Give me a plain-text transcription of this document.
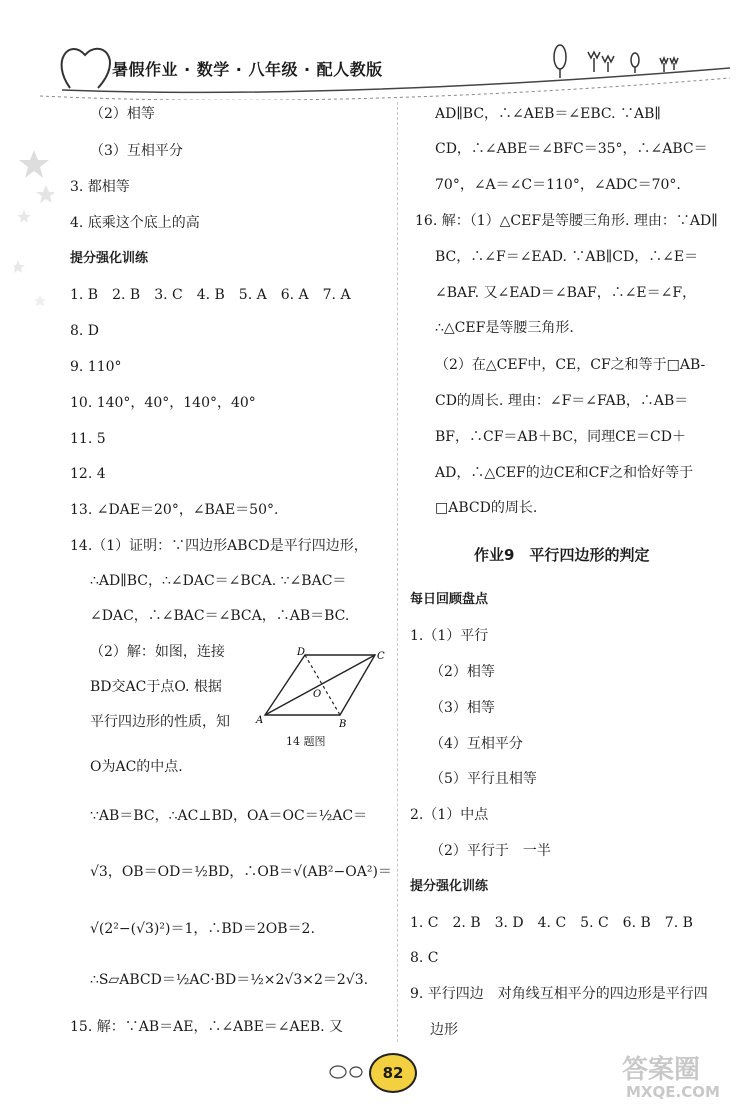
暑假作业 · 数学 · 八年级 · 配人教版
（2）相等
（3）互相平分
3. 都相等
4. 底乘这个底上的高
提分强化训练
1. B　2. B　3. C　4. B　5. A　6. A　7. A
8. D
9. 110°
10. 140°，40°，140°，40°
11. 5
12. 4
13. ∠DAE＝20°，∠BAE＝50°.
14.（1）证明：∵四边形ABCD是平行四边形，
∴AD∥BC，∴∠DAC＝∠BCA. ∵∠BAC＝
∠DAC，∴∠BAC＝∠BCA，∴AB＝BC.
（2）解：如图，连接
BD交AC于点O. 根据
平行四边形的性质，知
O为AC的中点.
∵AB＝BC，∴AC⊥BD，OA＝OC＝½AC＝
√3，OB＝OD＝½BD，∴OB＝√(AB²−OA²)＝
√(2²−(√3)²)＝1，∴BD＝2OB＝2.
∴S▱ABCD＝½AC·BD＝½×2√3×2＝2√3.
15. 解：∵AB＝AE，∴∠ABE＝∠AEB. 又
D	C
A	B
O
14 题图
AD∥BC，∴∠AEB＝∠EBC. ∵AB∥
CD，∴∠ABE＝∠BFC＝35°，∴∠ABC＝
70°，∠A＝∠C＝110°，∠ADC＝70°.
16. 解：（1）△CEF是等腰三角形. 理由：∵AD∥
BC，∴∠F＝∠EAD. ∵AB∥CD，∴∠E＝
∠BAF. 又∠EAD＝∠BAF，∴∠E＝∠F，
∴△CEF是等腰三角形.
（2）在△CEF中，CE，CF之和等于□AB-
CD的周长. 理由：∠F＝∠FAB，∴AB＝
BF，∴CF＝AB＋BC，同理CE＝CD＋
AD，∴△CEF的边CE和CF之和恰好等于
□ABCD的周长.
作业9　平行四边形的判定
每日回顾盘点
1.（1）平行
（2）相等
（3）相等
（4）互相平分
（5）平行且相等
2.（1）中点
（2）平行于　一半
提分强化训练
1. C　2. B　3. D　4. C　5. C　6. B　7. B
8. C
9. 平行四边　对角线互相平分的四边形是平行四
边形
82	答案圈
MXQE.COM
